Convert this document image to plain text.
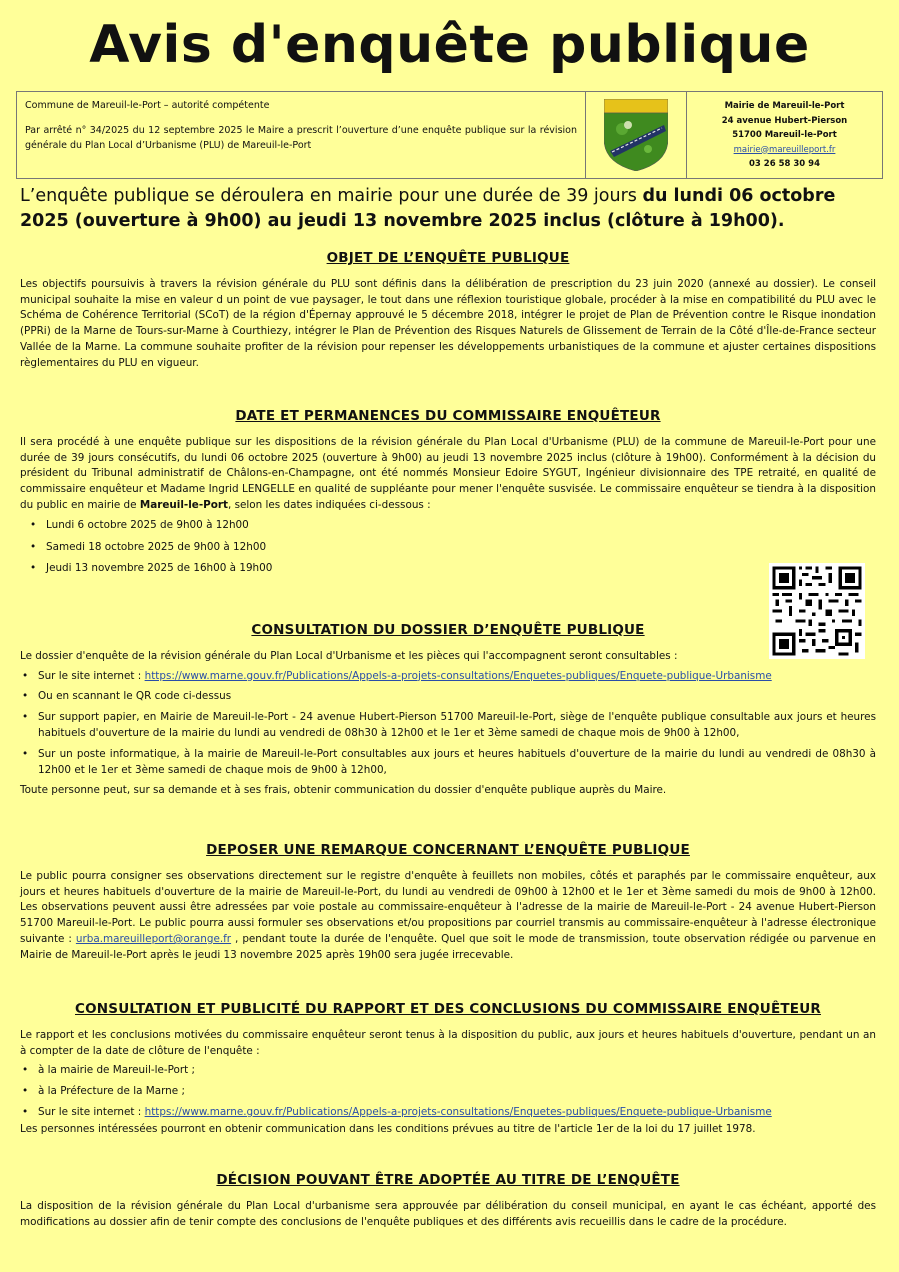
Avis d'enquête publique

Commune de Mareuil-le-Port – autorité compétente

Par arrêté n° 34/2025 du 12 septembre 2025 le Maire a prescrit l’ouverture d’une enquête publique sur la révision générale du Plan Local d’Urbanisme (PLU) de Mareuil-le-Port

Mairie de Mareuil-le-Port
24 avenue Hubert-Pierson
51700 Mareuil-le-Port
mairie@mareuilleport.fr
03 26 58 30 94
L’enquête publique se déroulera en mairie pour une durée de 39 jours du lundi 06 octobre 2025 (ouverture à 9h00) au jeudi 13 novembre 2025 inclus (clôture à 19h00).
OBJET DE L’ENQUÊTE PUBLIQUE

Les objectifs poursuivis à travers la révision générale du PLU sont définis dans la délibération de prescription du 23 juin 2020 (annexé au dossier). Le conseil municipal souhaite la mise en valeur d un point de vue paysager, le tout dans une réflexion touristique globale, procéder à la mise en compatibilité du PLU avec le Schéma de Cohérence Territorial (SCoT) de la région d'Épernay approuvé le 5 décembre 2018, intégrer le projet de Plan de Prévention contre le Risque inondation (PPRi) de la Marne de Tours-sur-Marne à Courthiezy, intégrer le Plan de Prévention des Risques Naturels de Glissement de Terrain de la Côté d'Île-de-France secteur Vallée de la Marne. La commune souhaite profiter de la révision pour repenser les développements urbanistiques de la commune et ajuster certaines dispositions règlementaires du PLU en vigueur.

DATE ET PERMANENCES DU COMMISSAIRE ENQUÊTEUR

Il sera procédé à une enquête publique sur les dispositions de la révision générale du Plan Local d'Urbanisme (PLU) de la commune de Mareuil-le-Port pour une durée de 39 jours consécutifs, du lundi 06 octobre 2025 (ouverture à 9h00) au jeudi 13 novembre 2025 inclus (clôture à 19h00). Conformément à la décision du président du Tribunal administratif de Châlons-en-Champagne, ont été nommés Monsieur Edoire SYGUT, Ingénieur divisionnaire des TPE retraité, en qualité de commissaire enquêteur et Madame Ingrid LENGELLE en qualité de suppléante pour mener l'enquête susvisée. Le commissaire enquêteur se tiendra à la disposition du public en mairie de Mareuil-le-Port, selon les dates indiquées ci-dessous :

• Lundi 6 octobre 2025 de 9h00 à 12h00
• Samedi 18 octobre 2025 de 9h00 à 12h00
• Jeudi 13 novembre 2025 de 16h00 à 19h00
CONSULTATION DU DOSSIER D’ENQUÊTE PUBLIQUE

Le dossier d'enquête de la révision générale du Plan Local d'Urbanisme et les pièces qui l'accompagnent seront consultables :

• Sur le site internet : https://www.marne.gouv.fr/Publications/Appels-a-projets-consultations/Enquetes-publiques/Enquete-publique-Urbanisme
• Ou en scannant le QR code ci-dessus
• Sur support papier, en Mairie de Mareuil-le-Port - 24 avenue Hubert-Pierson 51700 Mareuil-le-Port, siège de l'enquête publique consultable aux jours et heures habituels d'ouverture de la mairie du lundi au vendredi de 08h30 à 12h00 et le 1er et 3ème samedi de chaque mois de 9h00 à 12h00,
• Sur un poste informatique, à la mairie de Mareuil-le-Port consultables aux jours et heures habituels d'ouverture de la mairie du lundi au vendredi de 08h30 à 12h00 et le 1er et 3ème samedi de chaque mois de 9h00 à 12h00,

Toute personne peut, sur sa demande et à ses frais, obtenir communication du dossier d'enquête publique auprès du Maire.

DEPOSER UNE REMARQUE CONCERNANT L’ENQUÊTE PUBLIQUE

Le public pourra consigner ses observations directement sur le registre d'enquête à feuillets non mobiles, côtés et paraphés par le commissaire enquêteur, aux jours et heures habituels d'ouverture de la mairie de Mareuil-le-Port, du lundi au vendredi de 09h00 à 12h00 et le 1er et 3ème samedi du mois de 9h00 à 12h00. Les observations peuvent aussi être adressées par voie postale au commissaire-enquêteur à l'adresse de la mairie de Mareuil-le-Port - 24 avenue Hubert-Pierson 51700 Mareuil-le-Port. Le public pourra aussi formuler ses observations et/ou propositions par courriel transmis au commissaire-enquêteur à l'adresse électronique suivante : urba.mareuilleport@orange.fr , pendant toute la durée de l'enquête. Quel que soit le mode de transmission, toute observation rédigée ou parvenue en Mairie de Mareuil-le-Port après le jeudi 13 novembre 2025 après 19h00 sera jugée irrecevable.

CONSULTATION ET PUBLICITÉ DU RAPPORT ET DES CONCLUSIONS DU COMMISSAIRE ENQUÊTEUR

Le rapport et les conclusions motivées du commissaire enquêteur seront tenus à la disposition du public, aux jours et heures habituels d'ouverture, pendant un an à compter de la date de clôture de l'enquête :

• à la mairie de Mareuil-le-Port ;
• à la Préfecture de la Marne ;
• Sur le site internet : https://www.marne.gouv.fr/Publications/Appels-a-projets-consultations/Enquetes-publiques/Enquete-publique-Urbanisme

Les personnes intéressées pourront en obtenir communication dans les conditions prévues au titre de l'article 1er de la loi du 17 juillet 1978.

DÉCISION POUVANT ÊTRE ADOPTÉE AU TITRE DE L’ENQUÊTE

La disposition de la révision générale du Plan Local d'urbanisme sera approuvée par délibération du conseil municipal, en ayant le cas échéant, apporté des modifications au dossier afin de tenir compte des conclusions de l'enquête publiques et des différents avis recueillis dans le cadre de la procédure.
